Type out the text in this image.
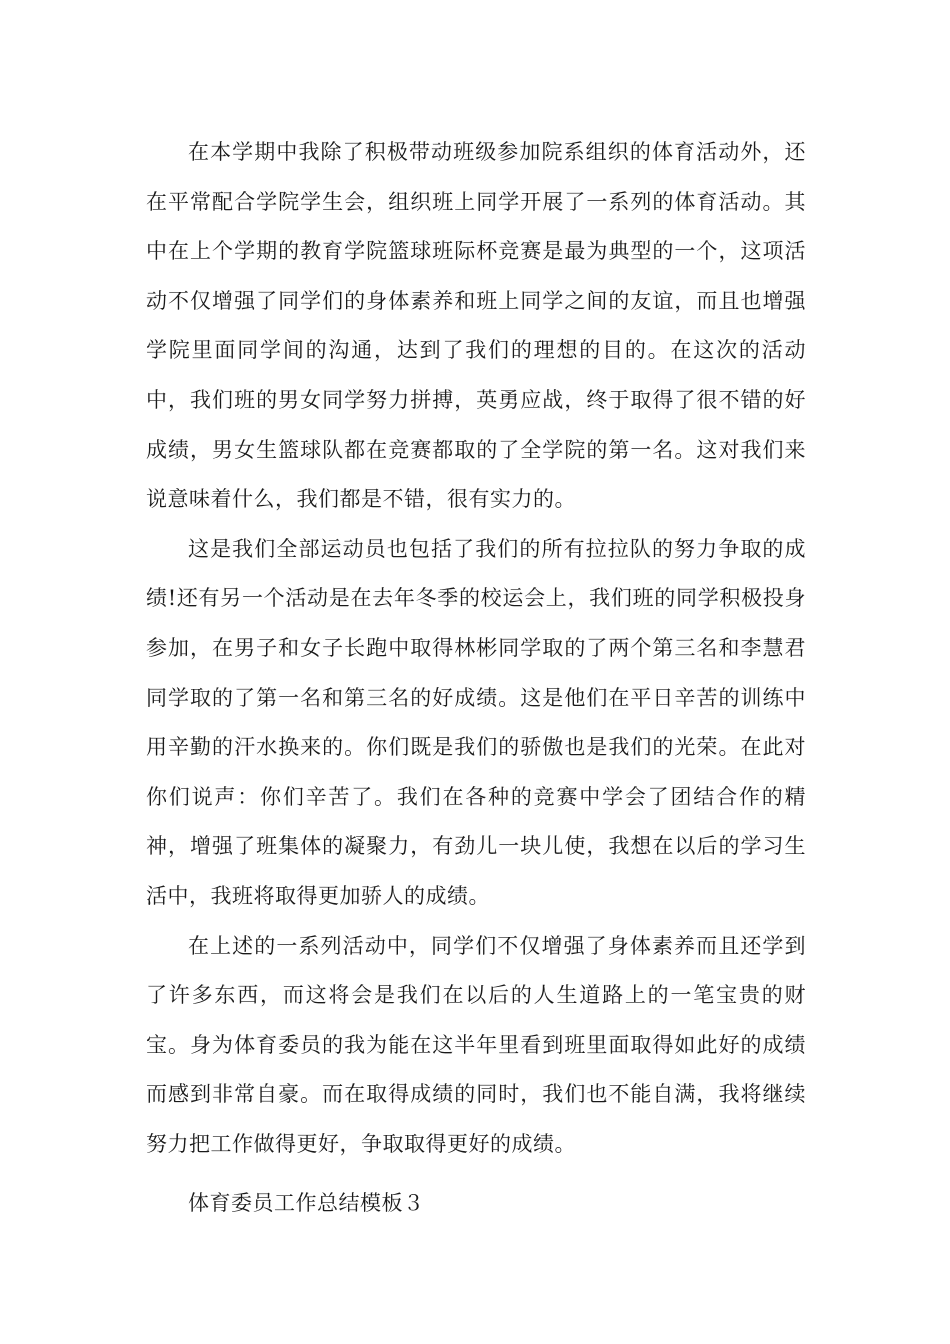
在本学期中我除了积极带动班级参加院系组织的体育活动外，还在平常配合学院学生会，组织班上同学开展了一系列的体育活动。其中在上个学期的教育学院篮球班际杯竞赛是最为典型的一个，这项活动不仅增强了同学们的身体素养和班上同学之间的友谊，而且也增强学院里面同学间的沟通，达到了我们的理想的目的。在这次的活动中，我们班的男女同学努力拼搏，英勇应战，终于取得了很不错的好成绩，男女生篮球队都在竞赛都取的了全学院的第一名。这对我们来说意味着什么，我们都是不错，很有实力的。

这是我们全部运动员也包括了我们的所有拉拉队的努力争取的成绩!还有另一个活动是在去年冬季的校运会上，我们班的同学积极投身参加，在男子和女子长跑中取得林彬同学取的了两个第三名和李慧君同学取的了第一名和第三名的好成绩。这是他们在平日辛苦的训练中用辛勤的汗水换来的。你们既是我们的骄傲也是我们的光荣。在此对你们说声：你们辛苦了。我们在各种的竞赛中学会了团结合作的精神，增强了班集体的凝聚力，有劲儿一块儿使，我想在以后的学习生活中，我班将取得更加骄人的成绩。

在上述的一系列活动中，同学们不仅增强了身体素养而且还学到了许多东西，而这将会是我们在以后的人生道路上的一笔宝贵的财宝。身为体育委员的我为能在这半年里看到班里面取得如此好的成绩而感到非常自豪。而在取得成绩的同时，我们也不能自满，我将继续努力把工作做得更好，争取取得更好的成绩。

体育委员工作总结模板３
